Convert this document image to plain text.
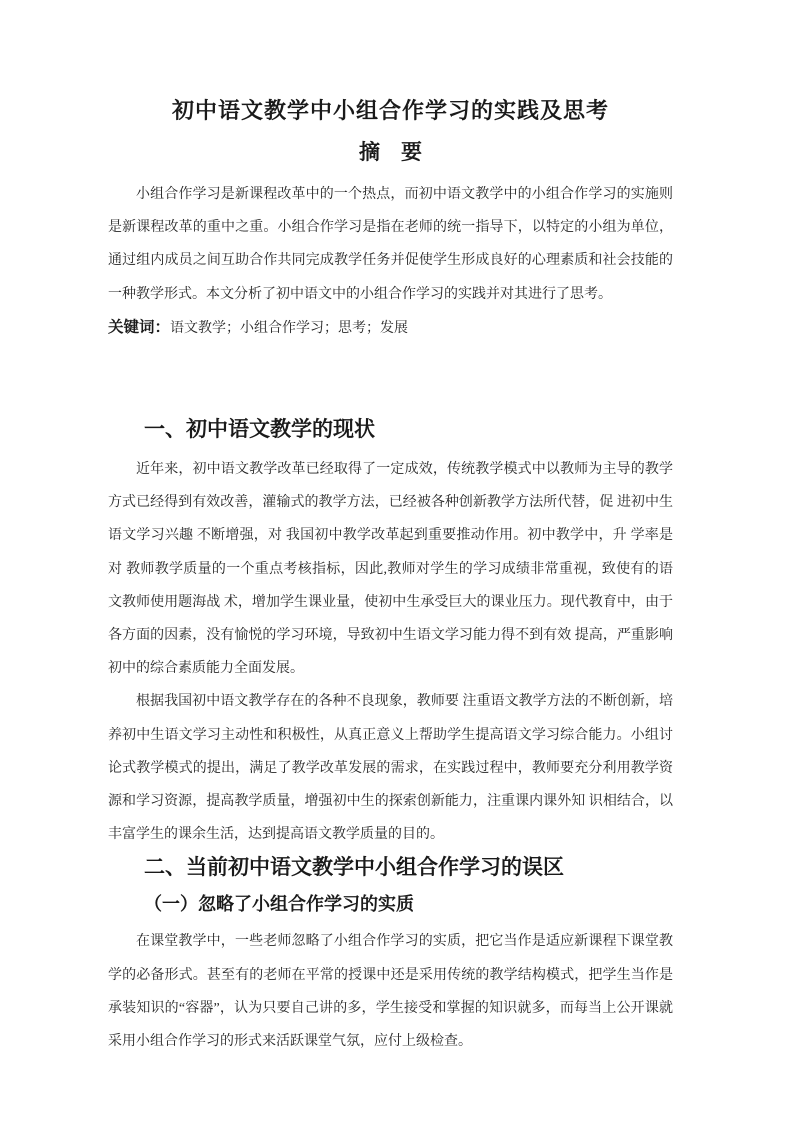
初中语文教学中小组合作学习的实践及思考
摘　要

小组合作学习是新课程改革中的一个热点，而初中语文教学中的小组合作学习的实施则是新课程改革的重中之重。小组合作学习是指在老师的统一指导下，以特定的小组为单位，通过组内成员之间互助合作共同完成教学任务并促使学生形成良好的心理素质和社会技能的一种教学形式。本文分析了初中语文中的小组合作学习的实践并对其进行了思考。

关键词：语文教学；小组合作学习；思考；发展

一、初中语文教学的现状

近年来，初中语文教学改革已经取得了一定成效，传统教学模式中以教师为主导的教学方式已经得到有效改善，灌输式的教学方法，已经被各种创新教学方法所代替，促 进初中生语文学习兴趣 不断增强，对 我国初中教学改革起到重要推动作用。初中教学中，升 学率是 对 教师教学质量的一个重点考核指标，因此,教师对学生的学习成绩非常重视，致使有的语文教师使用题海战 术，增加学生课业量，使初中生承受巨大的课业压力。现代教育中，由于各方面的因素，没有愉悦的学习环境，导致初中生语文学习能力得不到有效 提高，严重影响初中的综合素质能力全面发展。

根据我国初中语文教学存在的各种不良现象，教师要 注重语文教学方法的不断创新，培 养初中生语文学习主动性和积极性，从真正意义上帮助学生提高语文学习综合能力。小组讨论式教学模式的提出，满足了教学改革发展的需求，在实践过程中，教师要充分利用教学资源和学习资源，提高教学质量，增强初中生的探索创新能力，注重课内课外知 识相结合，以丰富学生的课余生活，达到提高语文教学质量的目的。

二、当前初中语文教学中小组合作学习的误区
（一）忽略了小组合作学习的实质

在课堂教学中，一些老师忽略了小组合作学习的实质，把它当作是适应新课程下课堂教学的必备形式。甚至有的老师在平常的授课中还是采用传统的教学结构模式，把学生当作是承装知识的“容器”，认为只要自己讲的多，学生接受和掌握的知识就多，而每当上公开课就采用小组合作学习的形式来活跃课堂气氛，应付上级检查。
